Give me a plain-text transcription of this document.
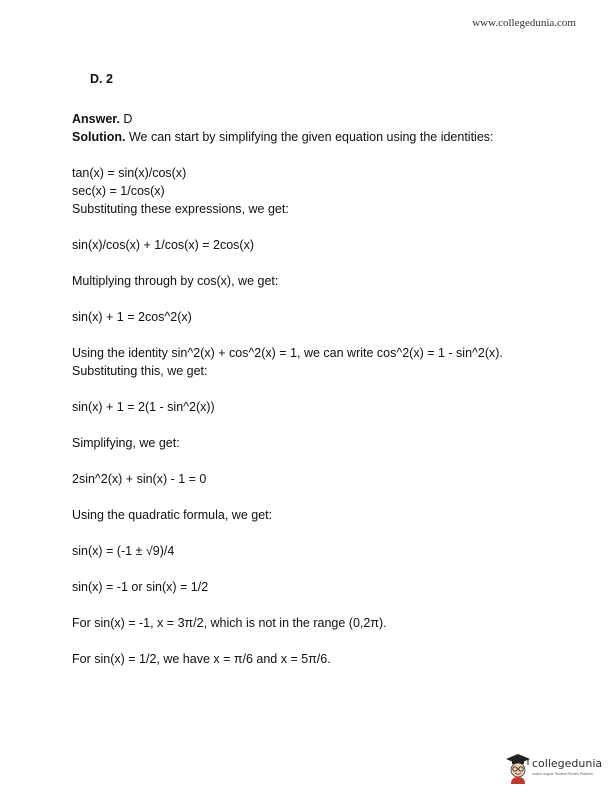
www.collegedunia.com
D. 2

Answer. D

Solution. We can start by simplifying the given equation using the identities:

tan(x) = sin(x)/cos(x)

sec(x) = 1/cos(x)

Substituting these expressions, we get:

sin(x)/cos(x) + 1/cos(x) = 2cos(x)

Multiplying through by cos(x), we get:

sin(x) + 1 = 2cos^2(x)

Using the identity sin^2(x) + cos^2(x) = 1, we can write cos^2(x) = 1 - sin^2(x). Substituting this, we get:

sin(x) + 1 = 2(1 - sin^2(x))

Simplifying, we get:

2sin^2(x) + sin(x) - 1 = 0

Using the quadratic formula, we get:

sin(x) = (-1 ± √9)/4

sin(x) = -1 or sin(x) = 1/2

For sin(x) = -1, x = 3π/2, which is not in the range (0,2π).

For sin(x) = 1/2, we have x = π/6 and x = 5π/6.

collegedunia
India's largest Student Review Platform
